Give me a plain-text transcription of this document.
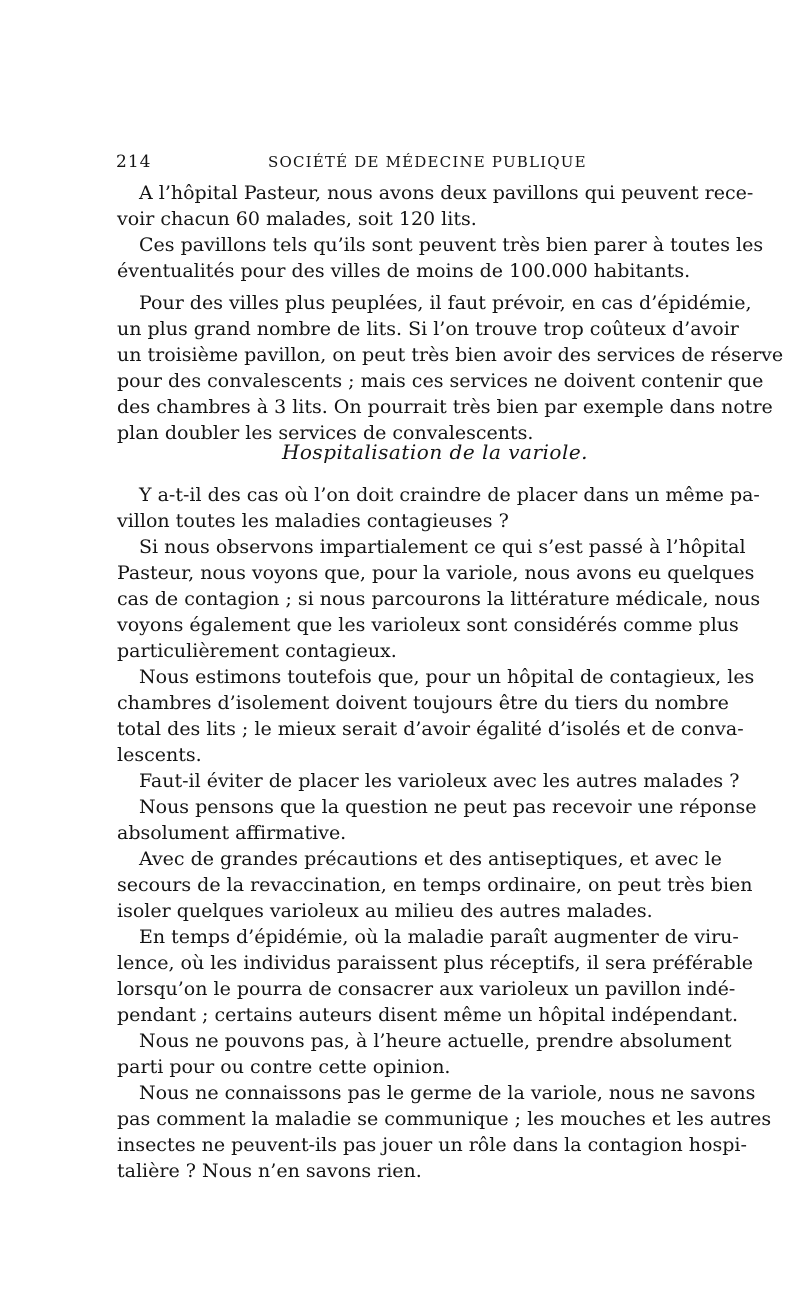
214	SOCIÉTÉ DE MÉDECINE PUBLIQUE
A l’hôpital Pasteur, nous avons deux pavillons qui peuvent rece-
voir chacun 60 malades, soit 120 lits.
Ces pavillons tels qu’ils sont peuvent très bien parer à toutes les
éventualités pour des villes de moins de 100.000 habitants.
Pour des villes plus peuplées, il faut prévoir, en cas d’épidémie,
un plus grand nombre de lits. Si l’on trouve trop coûteux d’avoir
un troisième pavillon, on peut très bien avoir des services de réserve
pour des convalescents ; mais ces services ne doivent contenir que
des chambres à 3 lits. On pourrait très bien par exemple dans notre
plan doubler les services de convalescents.
Hospitalisation de la variole.
Y a-t-il des cas où l’on doit craindre de placer dans un même pa-
villon toutes les maladies contagieuses ?
Si nous observons impartialement ce qui s’est passé à l’hôpital
Pasteur, nous voyons que, pour la variole, nous avons eu quelques
cas de contagion ; si nous parcourons la littérature médicale, nous
voyons également que les varioleux sont considérés comme plus
particulièrement contagieux.
Nous estimons toutefois que, pour un hôpital de contagieux, les
chambres d’isolement doivent toujours être du tiers du nombre
total des lits ; le mieux serait d’avoir égalité d’isolés et de conva-
lescents.
Faut-il éviter de placer les varioleux avec les autres malades ?
Nous pensons que la question ne peut pas recevoir une réponse
absolument affirmative.
Avec de grandes précautions et des antiseptiques, et avec le
secours de la revaccination, en temps ordinaire, on peut très bien
isoler quelques varioleux au milieu des autres malades.
En temps d’épidémie, où la maladie paraît augmenter de viru-
lence, où les individus paraissent plus réceptifs, il sera préférable
lorsqu’on le pourra de consacrer aux varioleux un pavillon indé-
pendant ; certains auteurs disent même un hôpital indépendant.
Nous ne pouvons pas, à l’heure actuelle, prendre absolument
parti pour ou contre cette opinion.
Nous ne connaissons pas le germe de la variole, nous ne savons
pas comment la maladie se communique ; les mouches et les autres
insectes ne peuvent-ils pas jouer un rôle dans la contagion hospi-
talière ? Nous n’en savons rien.
